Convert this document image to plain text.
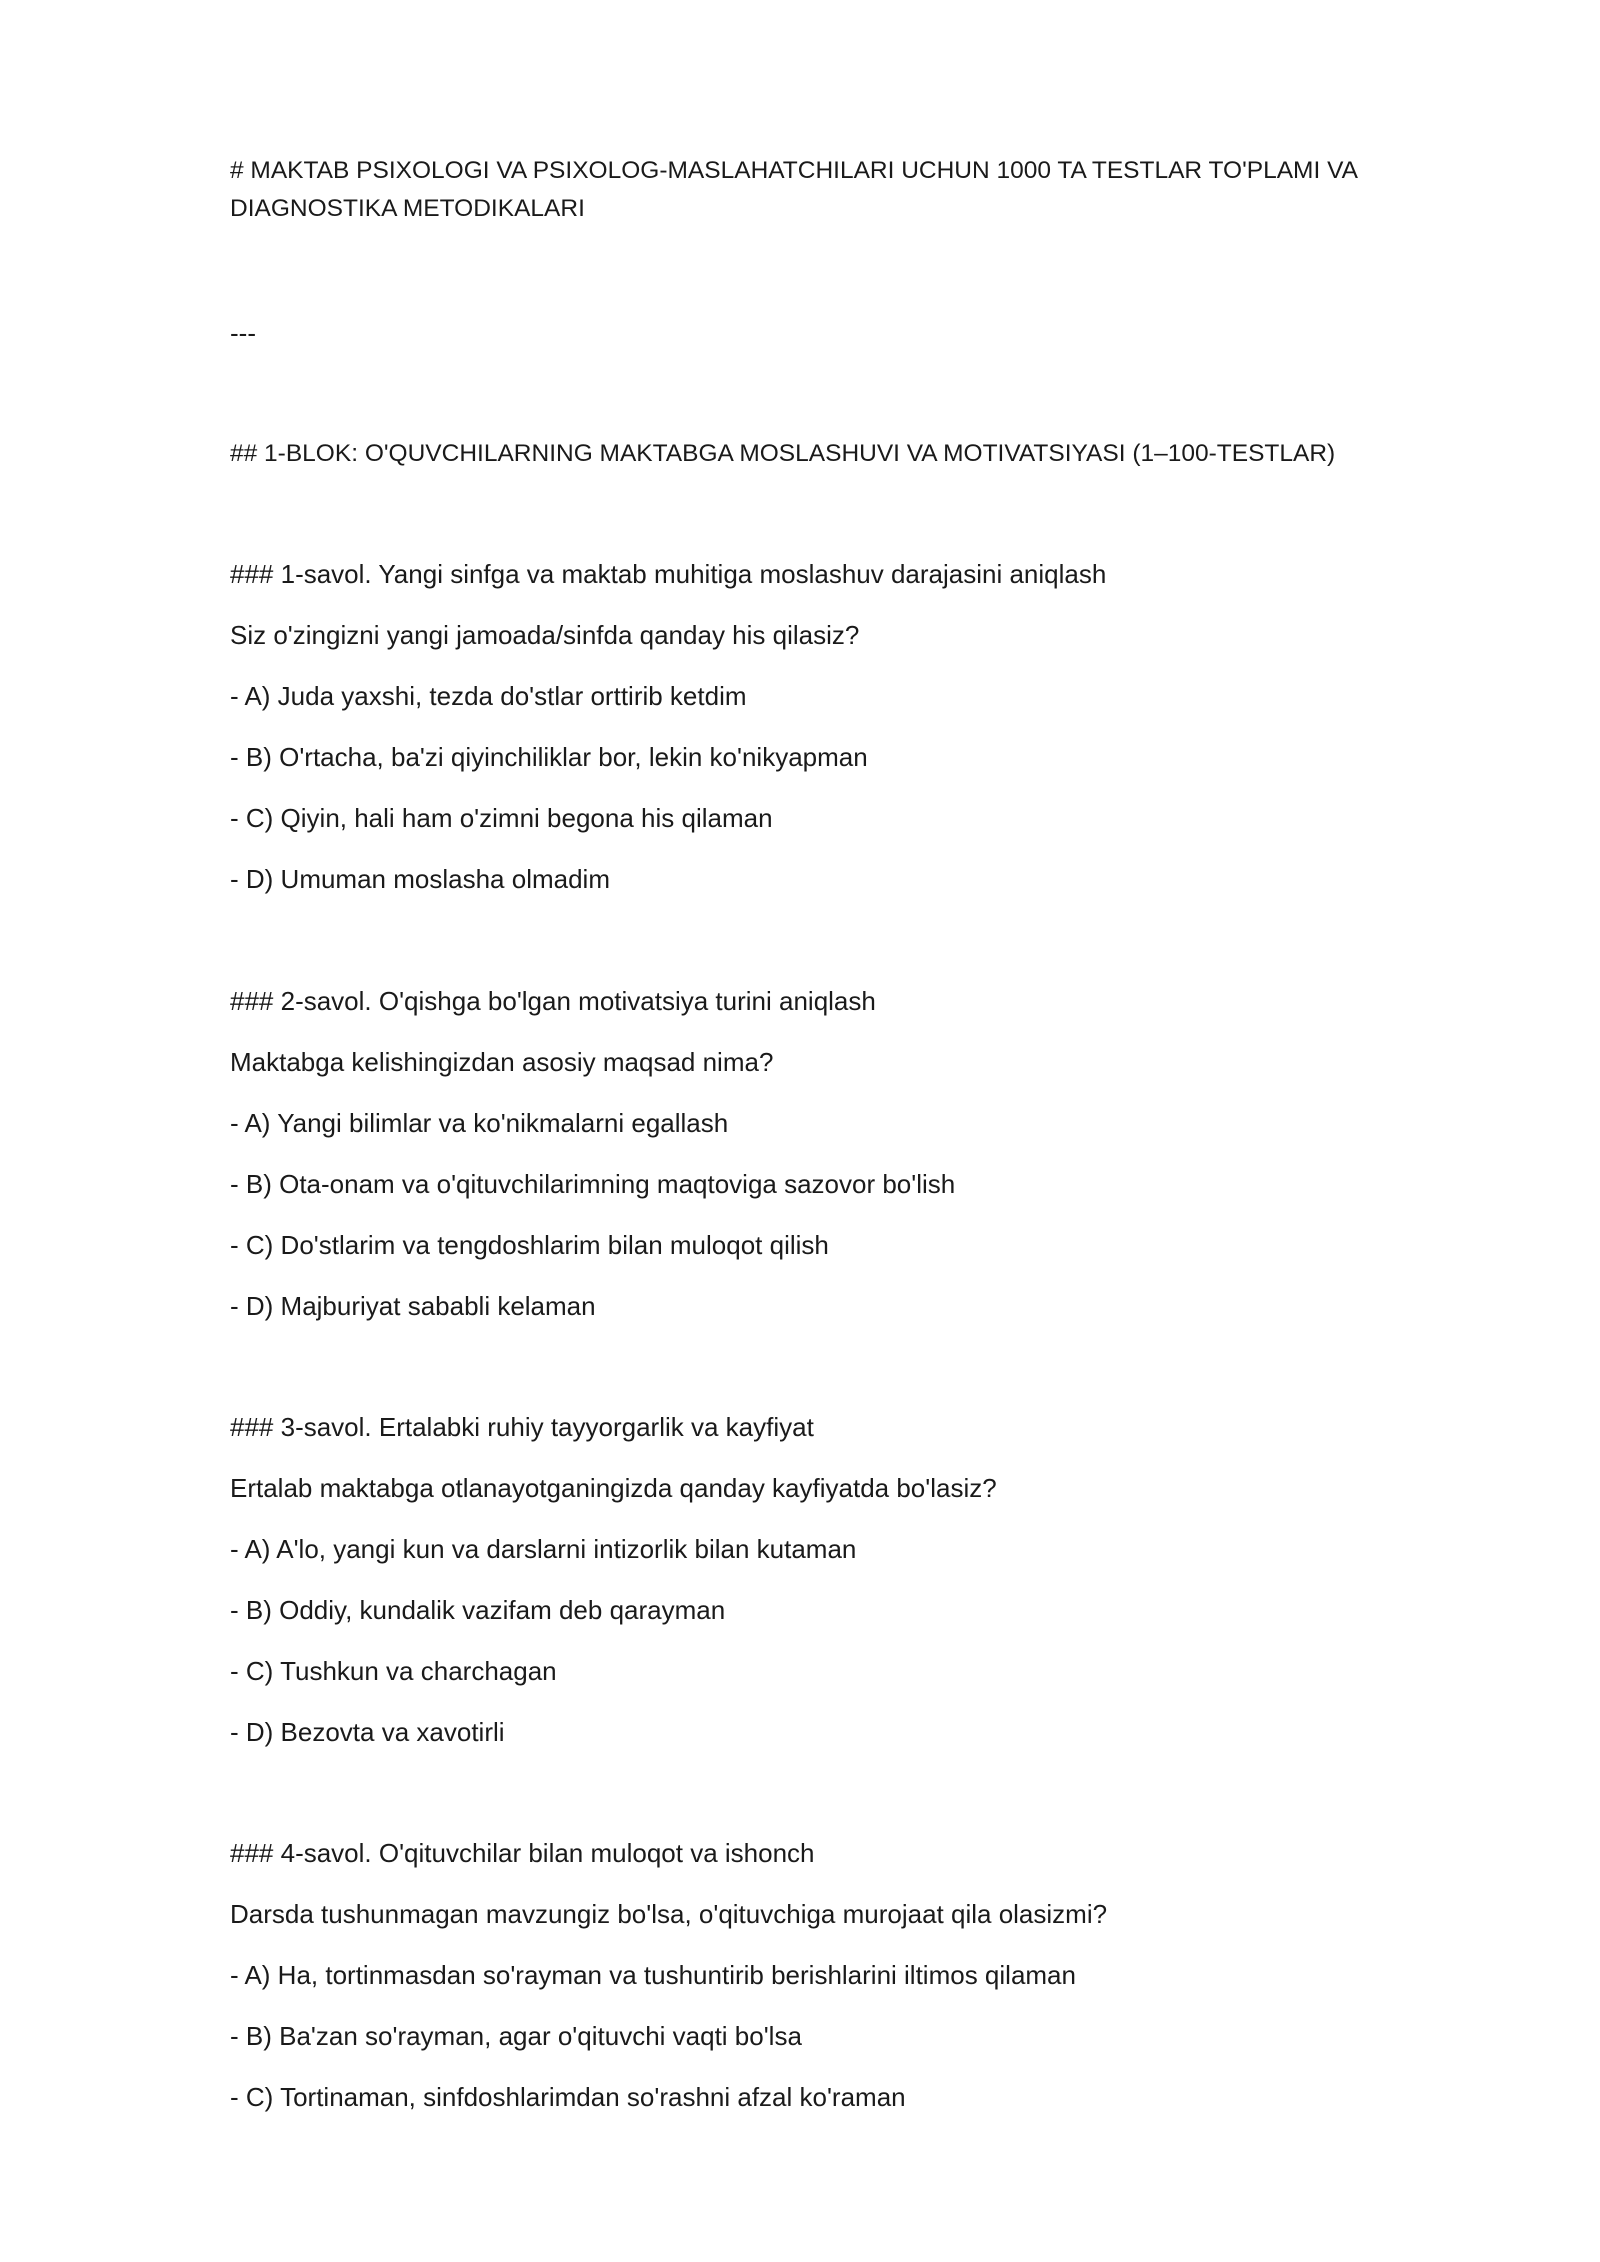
# MAKTAB PSIXOLOGI VA PSIXOLOG-MASLAHATCHILARI UCHUN 1000 TA TESTLAR TO'PLAMI VA DIAGNOSTIKA METODIKALARI
---
## 1-BLOK: O'QUVCHILARNING MAKTABGA MOSLASHUVI VA MOTIVATSIYASI (1–100-TESTLAR)
### 1-savol. Yangi sinfga va maktab muhitiga moslashuv darajasini aniqlash
Siz o'zingizni yangi jamoada/sinfda qanday his qilasiz?
- A) Juda yaxshi, tezda do'stlar orttirib ketdim
- B) O'rtacha, ba'zi qiyinchiliklar bor, lekin ko'nikyapman
- C) Qiyin, hali ham o'zimni begona his qilaman
- D) Umuman moslasha olmadim
### 2-savol. O'qishga bo'lgan motivatsiya turini aniqlash
Maktabga kelishingizdan asosiy maqsad nima?
- A) Yangi bilimlar va ko'nikmalarni egallash
- B) Ota-onam va o'qituvchilarimning maqtoviga sazovor bo'lish
- C) Do'stlarim va tengdoshlarim bilan muloqot qilish
- D) Majburiyat sababli kelaman
### 3-savol. Ertalabki ruhiy tayyorgarlik va kayfiyat
Ertalab maktabga otlanayotganingizda qanday kayfiyatda bo'lasiz?
- A) A'lo, yangi kun va darslarni intizorlik bilan kutaman
- B) Oddiy, kundalik vazifam deb qarayman
- C) Tushkun va charchagan
- D) Bezovta va xavotirli
### 4-savol. O'qituvchilar bilan muloqot va ishonch
Darsda tushunmagan mavzungiz bo'lsa, o'qituvchiga murojaat qila olasizmi?
- A) Ha, tortinmasdan so'rayman va tushuntirib berishlarini iltimos qilaman
- B) Ba'zan so'rayman, agar o'qituvchi vaqti bo'lsa
- C) Tortinaman, sinfdoshlarimdan so'rashni afzal ko'raman
